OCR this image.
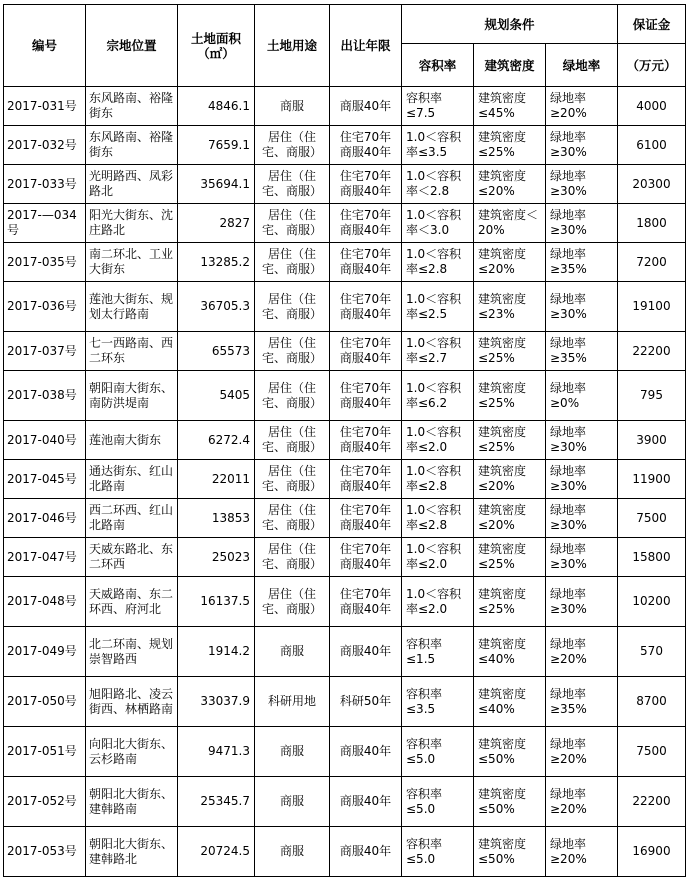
编号	宗地位置	土地面积（㎡）	土地用途	出让年限	规划条件			保证金
					容积率	建筑密度	绿地率	（万元）

2017-031号	东风路南、裕隆街东	4846.1	商服	商服40年	容积率≤7.5	建筑密度≤45%	绿地率≥20%	4000

2017-032号	东风路南、裕隆街东	7659.1	居住（住宅、商服）	住宅70年
商服40年	1.0＜容积率≤3.5	建筑密度≤25%	绿地率≥30%	6100

2017-033号	光明路西、凤彩路北	35694.1	居住（住宅、商服）	住宅70年
商服40年	1.0＜容积率＜2.8	建筑密度≤20%	绿地率≥30%	20300

2017-—034号	阳光大街东、沈庄路北	2827	居住（住宅、商服）	住宅70年
商服40年	1.0＜容积率＜3.0	建筑密度＜20%	绿地率≥30%	1800

2017-035号	南二环北、工业大街东	13285.2	居住（住宅、商服）	住宅70年
商服40年	1.0＜容积率≤2.8	建筑密度≤20%	绿地率≥35%	7200

2017-036号	莲池大街东、规划太行路南	36705.3	居住（住宅、商服）	住宅70年
商服40年	1.0＜容积率≤2.5	建筑密度≤23%	绿地率≥30%	19100

2017-037号	七一西路南、西二环东	65573	居住（住宅、商服）	住宅70年
商服40年	1.0＜容积率≤2.7	建筑密度≤25%	绿地率≥35%	22200

2017-038号	朝阳南大街东、南防洪堤南	5405	居住（住宅、商服）	住宅70年
商服40年	1.0＜容积率≤6.2	建筑密度≤25%	绿地率≥0%	795

2017-040号	莲池南大街东	6272.4	居住（住宅、商服）	住宅70年
商服40年	1.0＜容积率≤2.0	建筑密度≤25%	绿地率≥30%	3900

2017-045号	通达街东、红山北路南	22011	居住（住宅、商服）	住宅70年
商服40年	1.0＜容积率≤2.8	建筑密度≤20%	绿地率≥30%	11900

2017-046号	西二环西、红山北路南	13853	居住（住宅、商服）	住宅70年
商服40年	1.0＜容积率≤2.8	建筑密度≤20%	绿地率≥30%	7500

2017-047号	天威东路北、东二环西	25023	居住（住宅、商服）	住宅70年
商服40年	1.0＜容积率≤2.0	建筑密度≤25%	绿地率≥30%	15800

2017-048号	天威路南、东二环西、府河北	16137.5	居住（住宅、商服）	住宅70年
商服40年	1.0＜容积率≤2.0	建筑密度≤25%	绿地率≥30%	10200

2017-049号	北二环南、规划崇智路西	1914.2	商服	商服40年	容积率≤1.5	建筑密度≤40%	绿地率≥20%	570

2017-050号	旭阳路北、凌云街西、林栖路南	33037.9	科研用地	科研50年	容积率≤3.5	建筑密度≤40%	绿地率≥35%	8700

2017-051号	向阳北大街东、云杉路南	9471.3	商服	商服40年	容积率≤5.0	建筑密度≤50%	绿地率≥20%	7500

2017-052号	朝阳北大街东、建韩路南	25345.7	商服	商服40年	容积率≤5.0	建筑密度≤50%	绿地率≥20%	22200

2017-053号	朝阳北大街东、建韩路北	20724.5	商服	商服40年	容积率≤5.0	建筑密度≤50%	绿地率≥20%	16900
